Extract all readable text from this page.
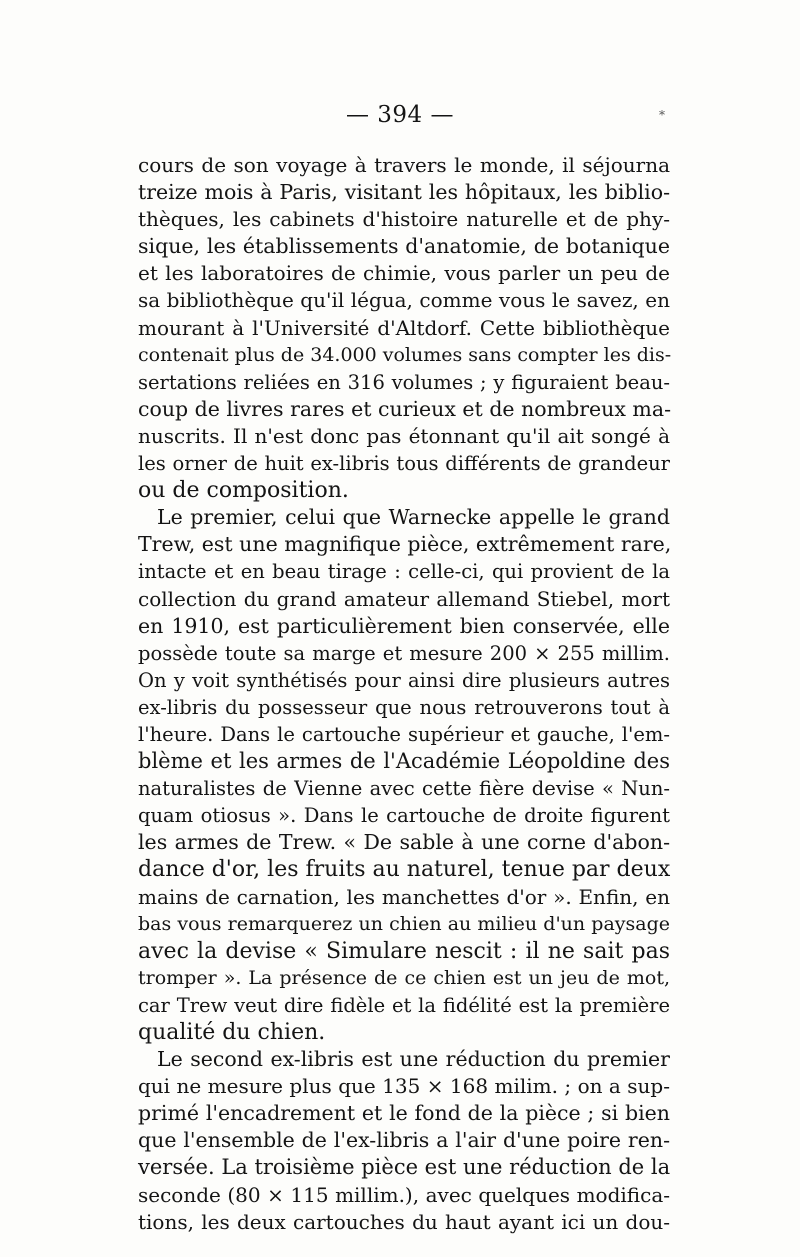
— 394 —	*
cours de son voyage à travers le monde, il séjourna
treize mois à Paris, visitant les hôpitaux, les biblio-
thèques, les cabinets d'histoire naturelle et de phy-
sique, les établissements d'anatomie, de botanique
et les laboratoires de chimie, vous parler un peu de
sa bibliothèque qu'il légua, comme vous le savez, en
mourant à l'Université d'Altdorf. Cette bibliothèque
contenait plus de 34.000 volumes sans compter les dis-
sertations reliées en 316 volumes ; y figuraient beau-
coup de livres rares et curieux et de nombreux ma-
nuscrits. Il n'est donc pas étonnant qu'il ait songé à
les orner de huit ex-libris tous différents de grandeur
ou de composition.
Le premier, celui que Warnecke appelle le grand
Trew, est une magnifique pièce, extrêmement rare,
intacte et en beau tirage : celle-ci, qui provient de la
collection du grand amateur allemand Stiebel, mort
en 1910, est particulièrement bien conservée, elle
possède toute sa marge et mesure 200 × 255 millim.
On y voit synthétisés pour ainsi dire plusieurs autres
ex-libris du possesseur que nous retrouverons tout à
l'heure. Dans le cartouche supérieur et gauche, l'em-
blème et les armes de l'Académie Léopoldine des
naturalistes de Vienne avec cette fière devise « Nun-
quam otiosus ». Dans le cartouche de droite figurent
les armes de Trew. « De sable à une corne d'abon-
dance d'or, les fruits au naturel, tenue par deux
mains de carnation, les manchettes d'or ». Enfin, en
bas vous remarquerez un chien au milieu d'un paysage
avec la devise « Simulare nescit : il ne sait pas
tromper ». La présence de ce chien est un jeu de mot,
car Trew veut dire fidèle et la fidélité est la première
qualité du chien.
Le second ex-libris est une réduction du premier
qui ne mesure plus que 135 × 168 milim. ; on a sup-
primé l'encadrement et le fond de la pièce ; si bien
que l'ensemble de l'ex-libris a l'air d'une poire ren-
versée. La troisième pièce est une réduction de la
seconde (80 × 115 millim.), avec quelques modifica-
tions, les deux cartouches du haut ayant ici un dou-
